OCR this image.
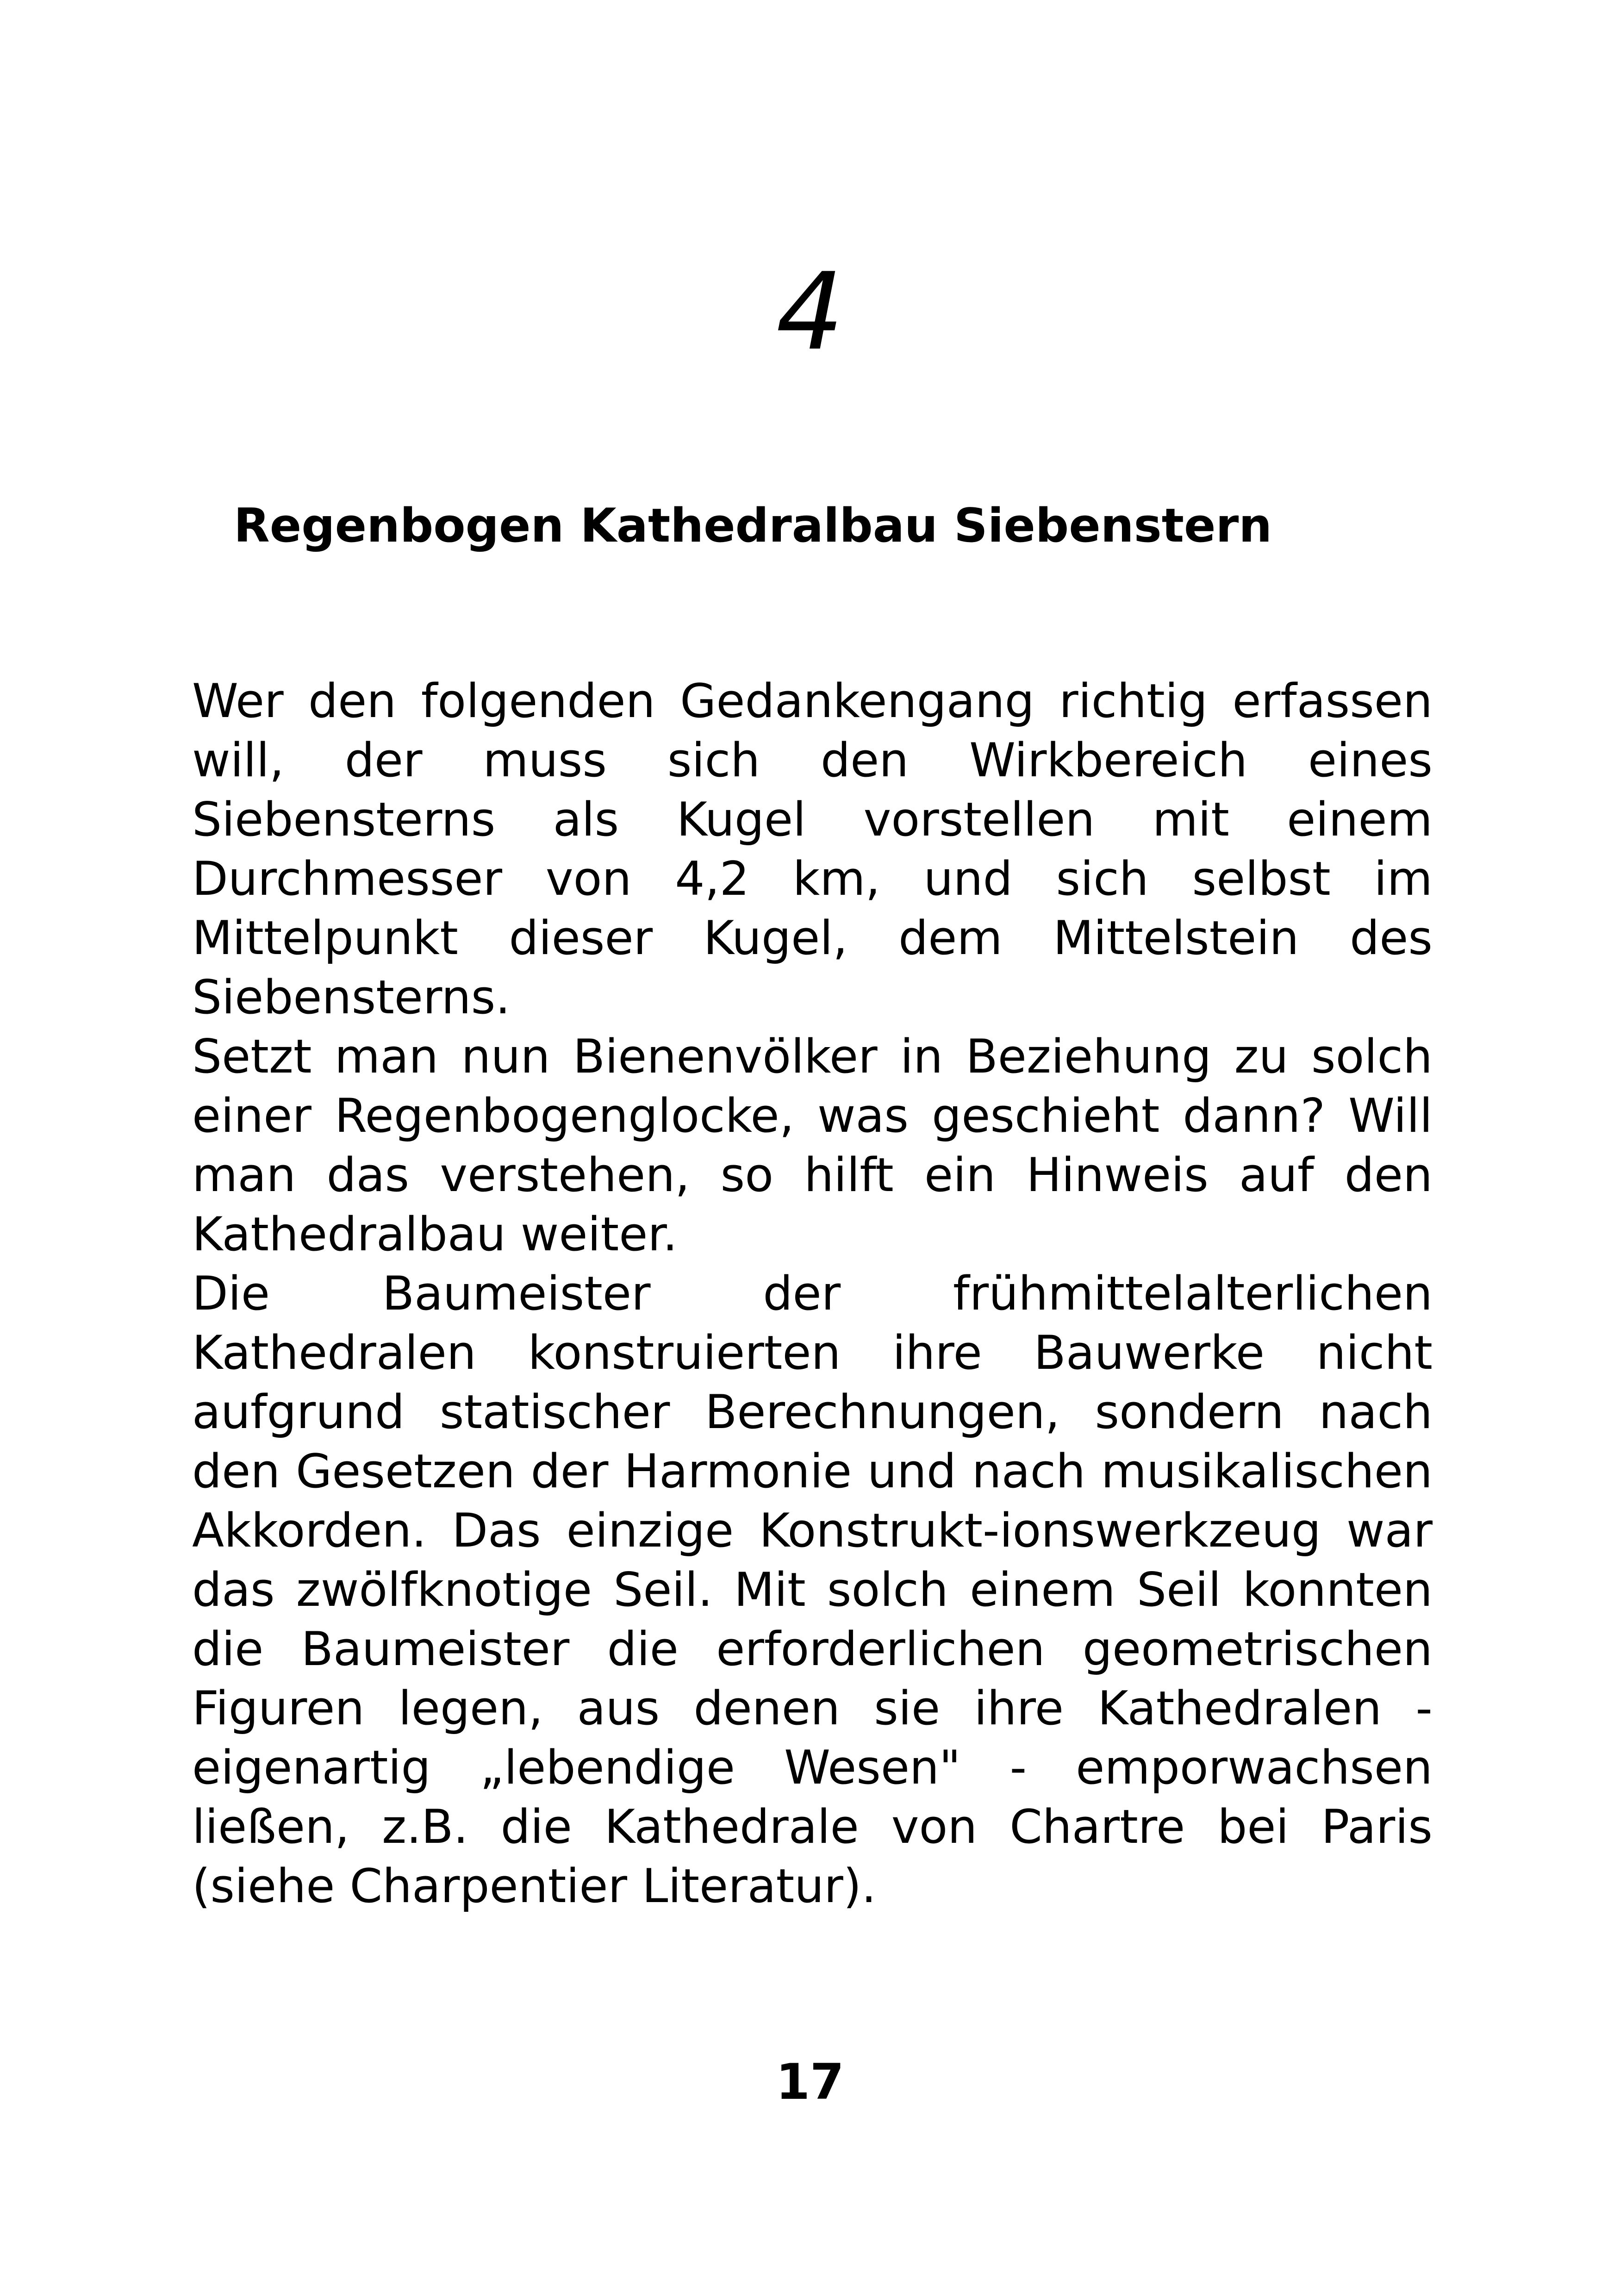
4
Regenbogen Kathedralbau Siebenstern

Wer den folgenden Gedankengang richtig erfassen will, der muss sich den Wirkbereich eines Siebensterns als Kugel vorstellen mit einem Durchmesser von 4,2 km, und sich selbst im Mittelpunkt dieser Kugel, dem Mittelstein des Siebensterns.

Setzt man nun Bienenvölker in Beziehung zu solch einer Regenbogenglocke, was geschieht dann? Will man das verstehen, so hilft ein Hinweis auf den Kathedralbau weiter.

Die Baumeister der frühmittelalterlichen Kathedralen konstruierten ihre Bauwerke nicht aufgrund statischer Berechnungen, sondern nach den Gesetzen der Harmonie und nach musikalischen Akkorden. Das einzige Konstrukt-ionswerkzeug war das zwölfknotige Seil. Mit solch einem Seil konnten die Baumeister die erforderlichen geometrischen Figuren legen, aus denen sie ihre Kathedralen - eigenartig „lebendige Wesen" - emporwachsen ließen, z.B. die Kathedrale von Chartre bei Paris (siehe Charpentier Literatur).

17
